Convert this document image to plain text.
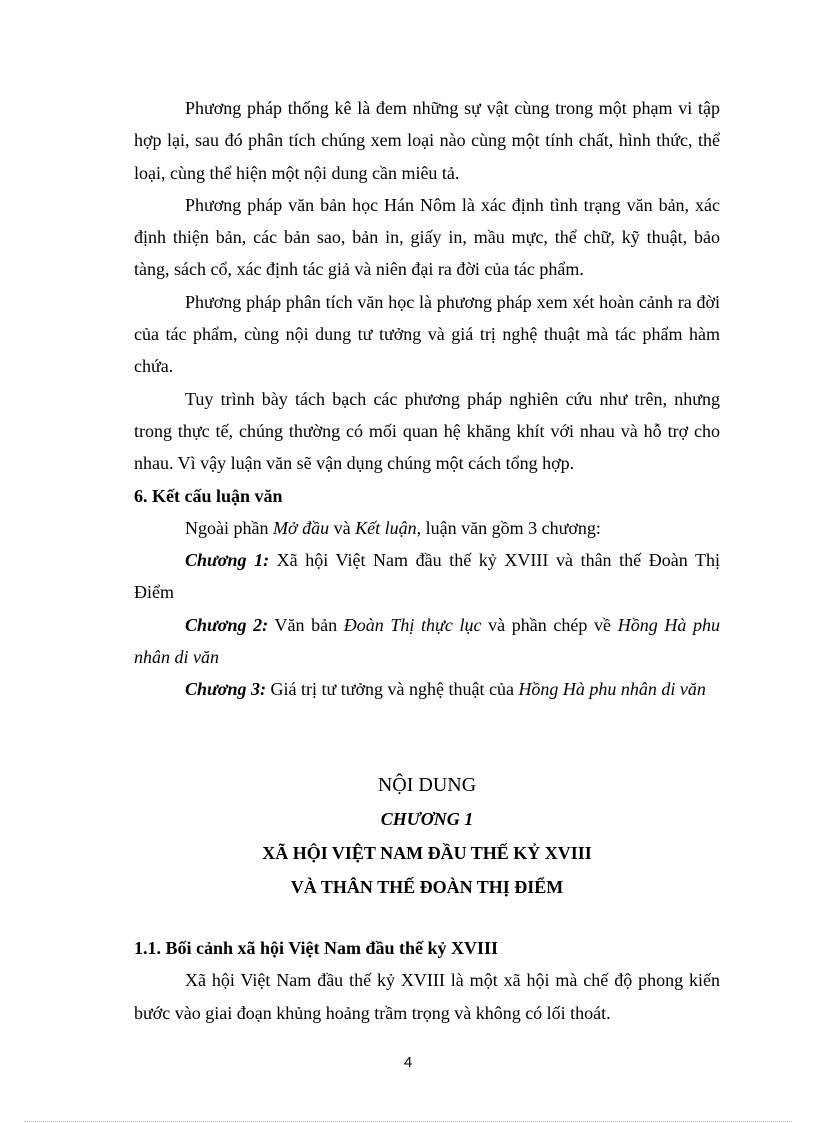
Phương pháp thống kê là đem những sự vật cùng trong một phạm vi tập hợp lại, sau đó phân tích chúng xem loại nào cùng một tính chất, hình thức, thể loại, cùng thể hiện một nội dung cần miêu tả.

Phương pháp văn bản học Hán Nôm là xác định tình trạng văn bản, xác định thiện bản, các bản sao, bản in, giấy in, mầu mực, thể chữ, kỹ thuật, bảo tàng, sách cổ, xác định tác giả và niên đại ra đời của tác phẩm.

Phương pháp phân tích văn học là phương pháp xem xét hoàn cảnh ra đời của tác phẩm, cùng nội dung tư tưởng và giá trị nghệ thuật mà tác phẩm hàm chứa.

Tuy trình bày tách bạch các phương pháp nghiên cứu như trên, nhưng trong thực tế, chúng thường có mối quan hệ khăng khít với nhau và hỗ trợ cho nhau. Vì vậy luận văn sẽ vận dụng chúng một cách tổng hợp.

6. Kết cấu luận văn

Ngoài phần Mở đầu và Kết luận, luận văn gồm 3 chương:

Chương 1: Xã hội Việt Nam đầu thế kỷ XVIII và thân thế Đoàn Thị Điểm

Chương 2: Văn bản Đoàn Thị thực lục và phần chép về Hồng Hà phu nhân di văn

Chương 3: Giá trị tư tưởng và nghệ thuật của Hồng Hà phu nhân di văn

NỘI DUNG

CHƯƠNG 1

XÃ HỘI VIỆT NAM ĐẦU THẾ KỶ XVIII

VÀ THÂN THẾ ĐOÀN THỊ ĐIỂM

1.1. Bối cảnh xã hội Việt Nam đầu thế kỷ XVIII

Xã hội Việt Nam đầu thế kỷ XVIII là một xã hội mà chế độ phong kiến bước vào giai đoạn khủng hoảng trầm trọng và không có lối thoát.

4
